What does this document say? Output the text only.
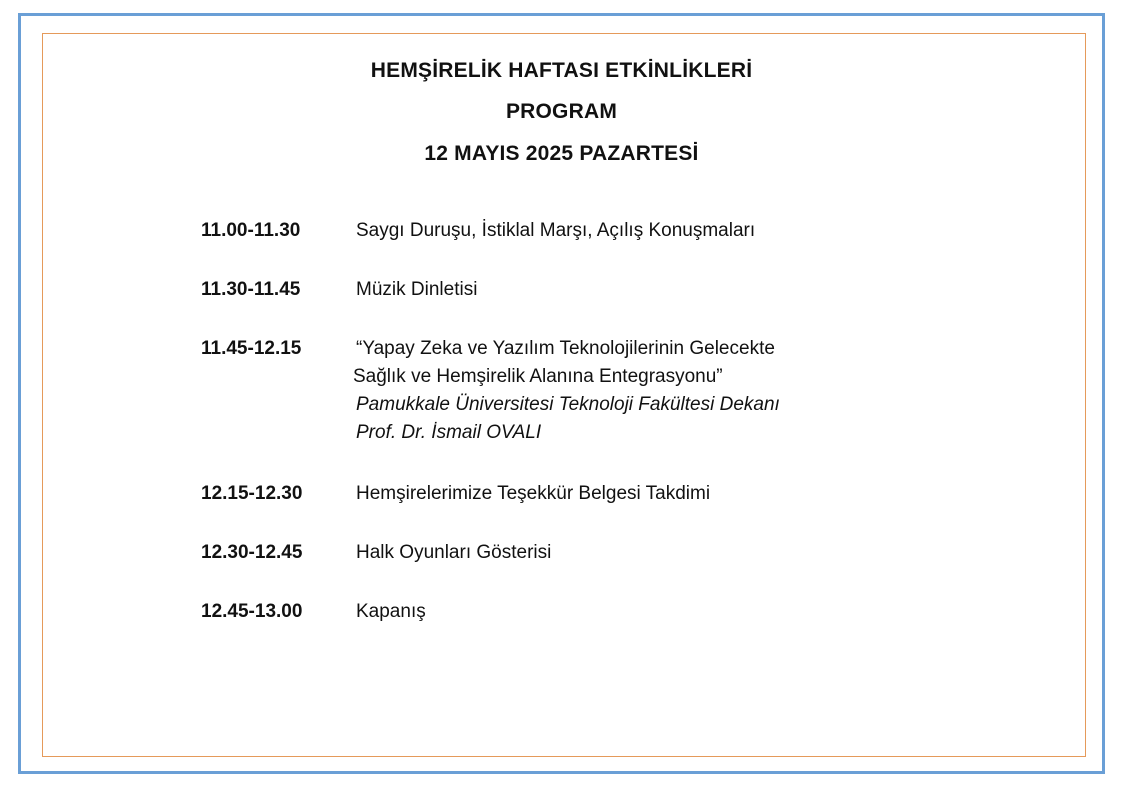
HEMŞİRELİK HAFTASI ETKİNLİKLERİ
PROGRAM
12 MAYIS 2025 PAZARTESİ
11.00-11.30	Saygı Duruşu, İstiklal Marşı, Açılış Konuşmaları
11.30-11.45	Müzik Dinletisi
11.45-12.15	“Yapay Zeka ve Yazılım Teknolojilerinin Gelecekte
Sağlık ve Hemşirelik Alanına Entegrasyonu”
Pamukkale Üniversitesi Teknoloji Fakültesi Dekanı
Prof. Dr. İsmail OVALI
12.15-12.30	Hemşirelerimize Teşekkür Belgesi Takdimi
12.30-12.45	Halk Oyunları Gösterisi
12.45-13.00	Kapanış
